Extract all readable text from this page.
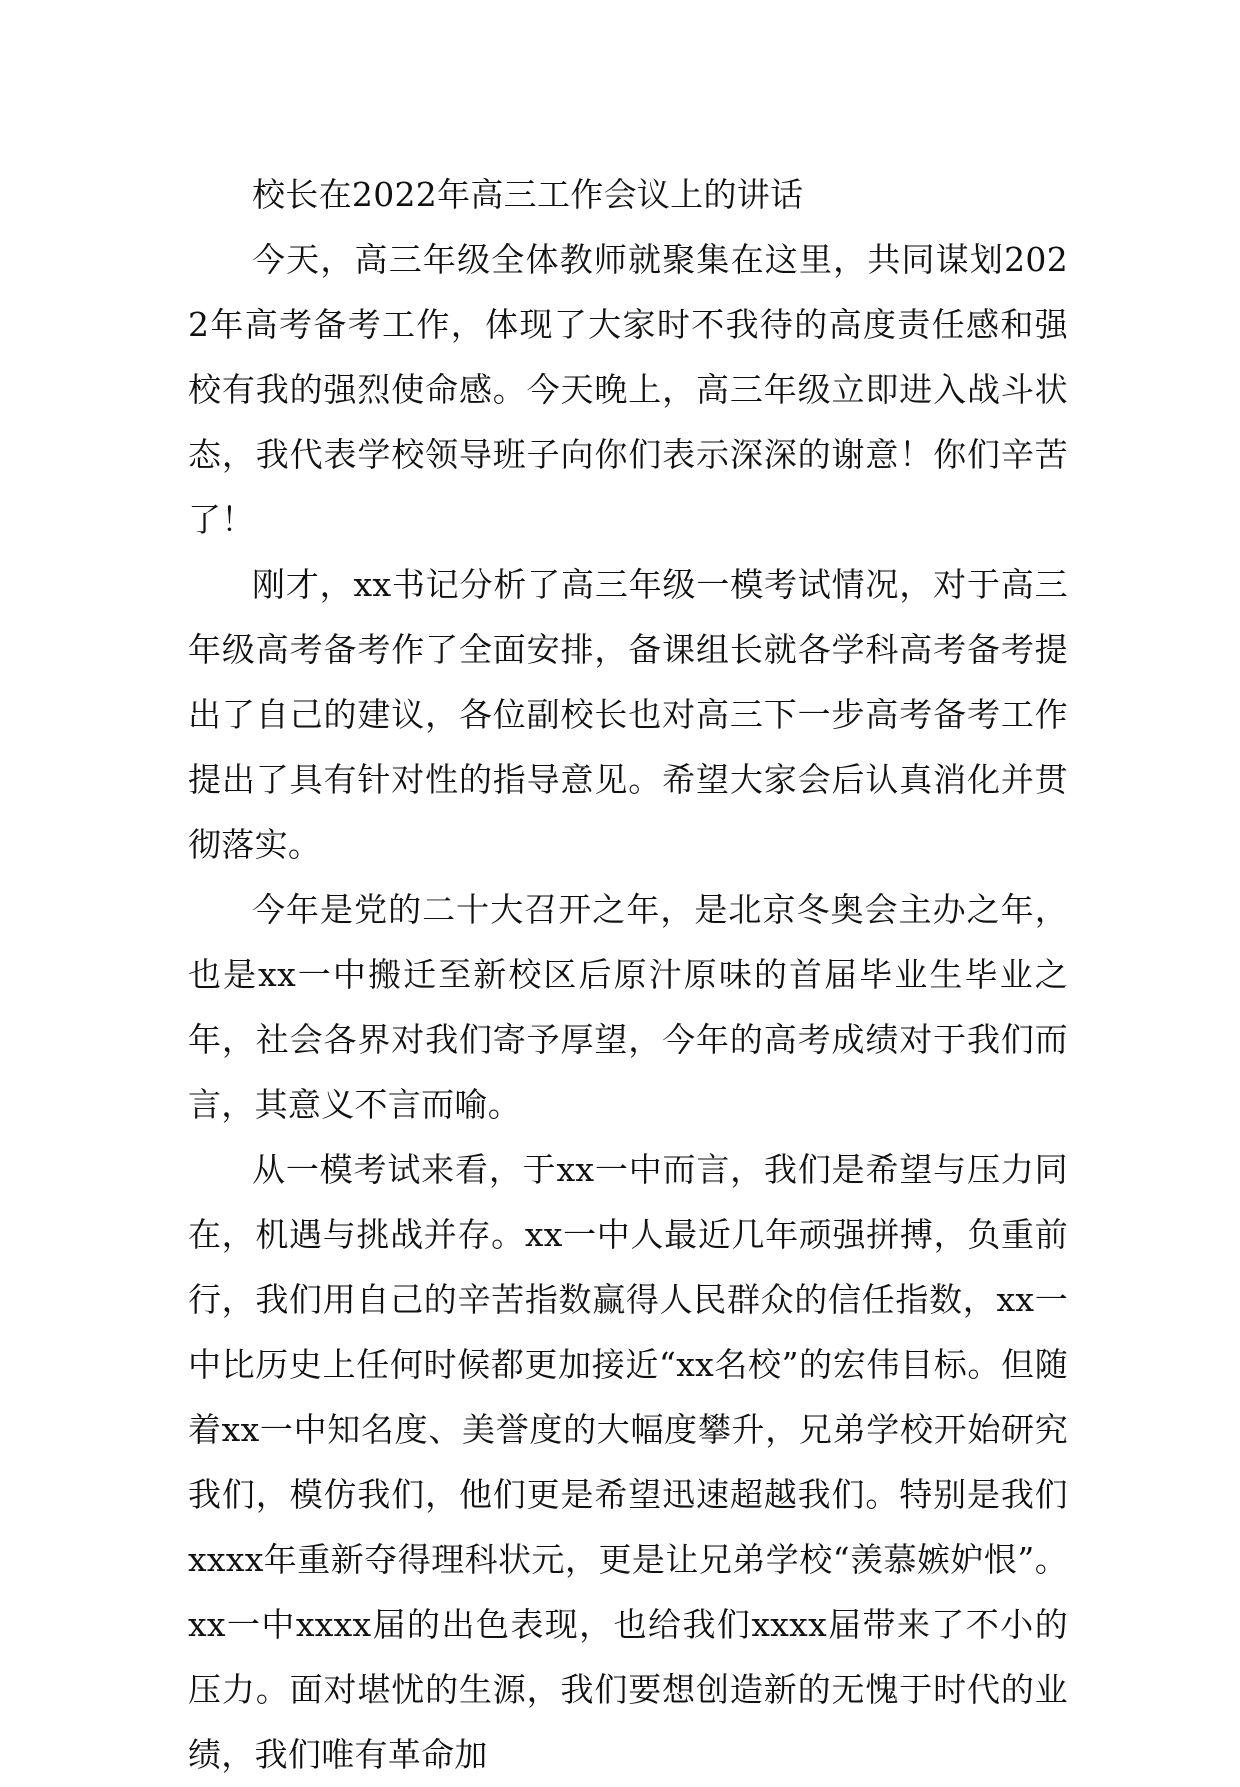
校长在2022年高三工作会议上的讲话

今天，高三年级全体教师就聚集在这里，共同谋划2022年高考备考工作，体现了大家时不我待的高度责任感和强校有我的强烈使命感。今天晚上，高三年级立即进入战斗状态，我代表学校领导班子向你们表示深深的谢意！你们辛苦了！

刚才，xx书记分析了高三年级一模考试情况，对于高三年级高考备考作了全面安排，备课组长就各学科高考备考提出了自己的建议，各位副校长也对高三下一步高考备考工作提出了具有针对性的指导意见。希望大家会后认真消化并贯彻落实。

今年是党的二十大召开之年，是北京冬奥会主办之年，也是xx一中搬迁至新校区后原汁原味的首届毕业生毕业之年，社会各界对我们寄予厚望，今年的高考成绩对于我们而言，其意义不言而喻。

从一模考试来看，于xx一中而言，我们是希望与压力同在，机遇与挑战并存。xx一中人最近几年顽强拼搏，负重前行，我们用自己的辛苦指数赢得人民群众的信任指数，xx一中比历史上任何时候都更加接近“xx名校”的宏伟目标。但随着xx一中知名度、美誉度的大幅度攀升，兄弟学校开始研究我们，模仿我们，他们更是希望迅速超越我们。特别是我们xxxx年重新夺得理科状元，更是让兄弟学校“羡慕嫉妒恨”。xx一中xxxx届的出色表现，也给我们xxxx届带来了不小的压力。面对堪忧的生源，我们要想创造新的无愧于时代的业绩，我们唯有革命加
